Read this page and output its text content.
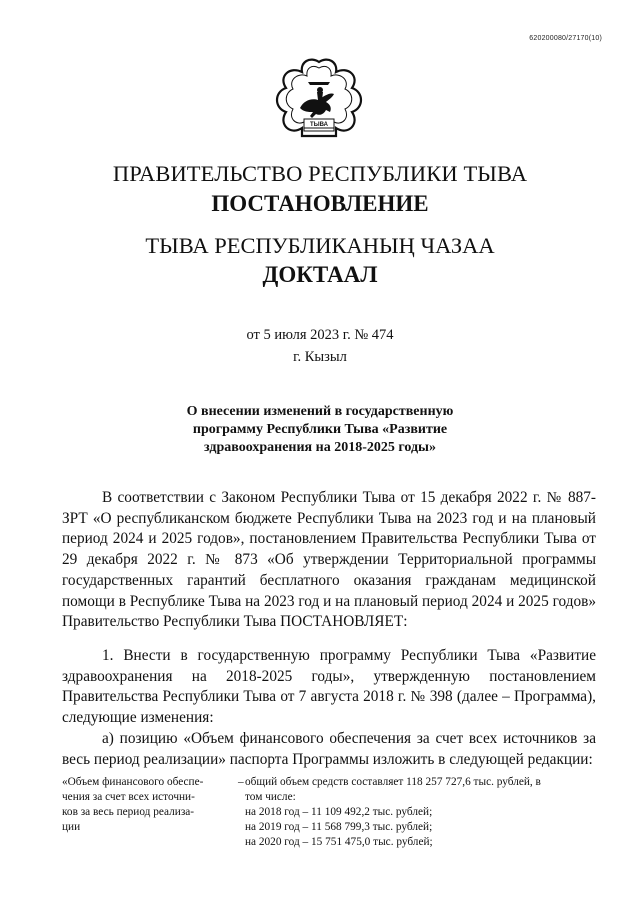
620200080/27170(10)
ТЫВА
ПРАВИТЕЛЬСТВО РЕСПУБЛИКИ ТЫВА
ПОСТАНОВЛЕНИЕ
ТЫВА РЕСПУБЛИКАНЫҢ ЧАЗАА
ДОКТААЛ
от 5 июля 2023 г. № 474
г. Кызыл
О внесении изменений в государственную
программу Республики Тыва «Развитие
здравоохранения на 2018-2025 годы»

В соответствии с Законом Республики Тыва от 15 декабря 2022 г. № 887-ЗРТ «О республиканском бюджете Республики Тыва на 2023 год и на плановый период 2024 и 2025 годов», постановлением Правительства Республики Тыва от 29 декабря 2022 г. № 873 «Об утверждении Территориальной программы государственных гарантий бесплатного оказания гражданам медицинской помощи в Республике Тыва на 2023 год и на плановый период 2024 и 2025 годов» Правительство Республики Тыва ПОСТАНОВЛЯЕТ:

1. Внести в государственную программу Республики Тыва «Развитие здравоохранения на 2018-2025 годы», утвержденную постановлением Правительства Республики Тыва от 7 августа 2018 г. № 398 (далее – Программа), следующие изменения:

а) позицию «Объем финансового обеспечения за счет всех источников за весь период реализации» паспорта Программы изложить в следующей редакции:

«Объем финансового обеспе-
чения за счет всех источни-
ков за весь период реализа-
ции
– общий объем средств составляет 118 257 727,6 тыс. рублей, в
том числе:
на 2018 год – 11 109 492,2 тыс. рублей;
на 2019 год – 11 568 799,3 тыс. рублей;
на 2020 год – 15 751 475,0 тыс. рублей;
